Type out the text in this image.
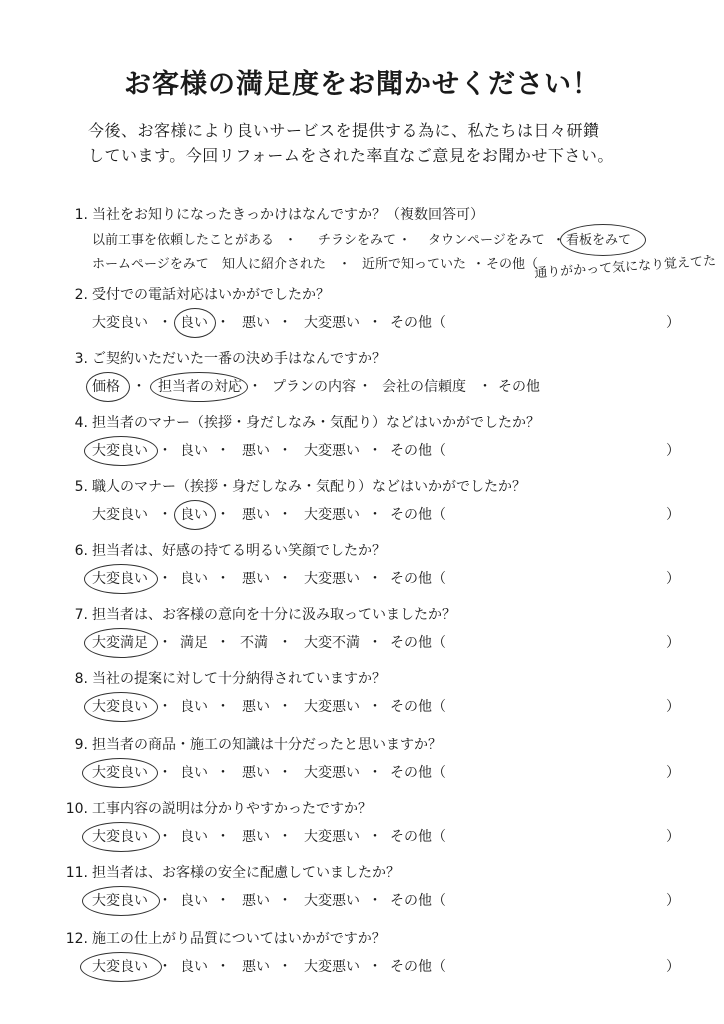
お客様の満足度をお聞かせください！
今後、お客様により良いサービスを提供する為に、私たちは日々研鑽
しています。今回リフォームをされた率直なご意見をお聞かせ下さい。
1. 当社をお知りになったきっかけはなんですか？（複数回答可）
以前工事を依頼したことがある ・ チラシをみて ・ タウンページをみて ・ 看板をみて
ホームページをみて 知人に紹介された ・ 近所で知っていた ・ その他（
通りがかって気になり覚えてた
2. 受付での電話対応はいかがでしたか？
大変良い ・ 良い ・ 悪い ・ 大変悪い ・ その他（	）
3. ご契約いただいた一番の決め手はなんですか？
価格 ・ 担当者の対応 ・ プランの内容 ・ 会社の信頼度 ・ その他
4. 担当者のマナー（挨拶・身だしなみ・気配り）などはいかがでしたか？
大変良い ・ 良い ・ 悪い ・ 大変悪い ・ その他（	）
5. 職人のマナー（挨拶・身だしなみ・気配り）などはいかがでしたか？
大変良い ・ 良い ・ 悪い ・ 大変悪い ・ その他（	）
6. 担当者は、好感の持てる明るい笑顔でしたか？
大変良い ・ 良い ・ 悪い ・ 大変悪い ・ その他（	）
7. 担当者は、お客様の意向を十分に汲み取っていましたか？
大変満足 ・ 満足 ・ 不満 ・ 大変不満 ・ その他（	）
8. 当社の提案に対して十分納得されていますか？
大変良い ・ 良い ・ 悪い ・ 大変悪い ・ その他（	）
9. 担当者の商品・施工の知識は十分だったと思いますか？
大変良い ・ 良い ・ 悪い ・ 大変悪い ・ その他（	）
10. 工事内容の説明は分かりやすかったですか？
大変良い ・ 良い ・ 悪い ・ 大変悪い ・ その他（	）
11. 担当者は、お客様の安全に配慮していましたか？
大変良い ・ 良い ・ 悪い ・ 大変悪い ・ その他（	）
12. 施工の仕上がり品質についてはいかがですか？
大変良い ・ 良い ・ 悪い ・ 大変悪い ・ その他（	）
